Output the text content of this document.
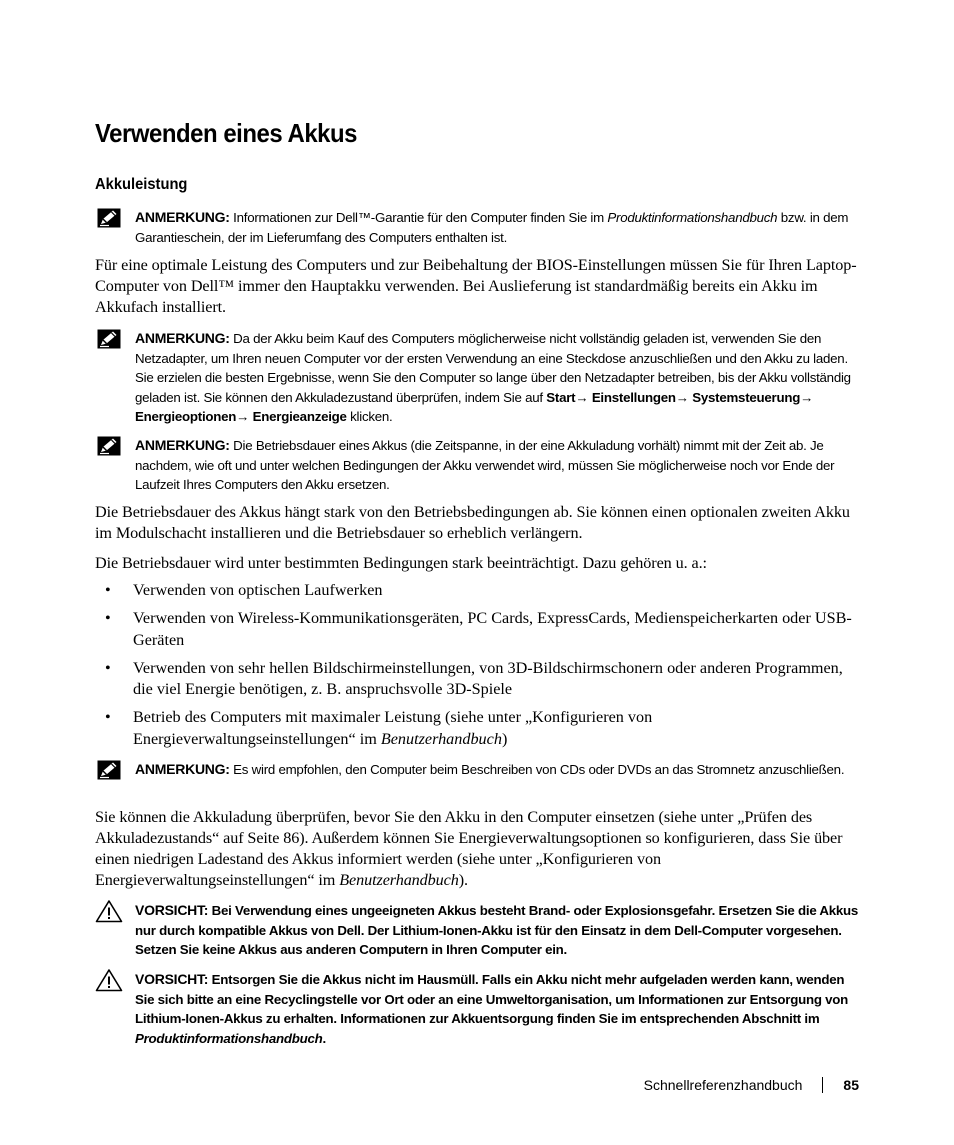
Verwenden eines Akkus
Akkuleistung
ANMERKUNG: Informationen zur Dell™-Garantie für den Computer finden Sie im Produktinformationshandbuch bzw. in dem Garantieschein, der im Lieferumfang des Computers enthalten ist.

Für eine optimale Leistung des Computers und zur Beibehaltung der BIOS-Einstellungen müssen Sie für Ihren Laptop-Computer von Dell™ immer den Hauptakku verwenden. Bei Auslieferung ist standardmäßig bereits ein Akku im Akkufach installiert.

ANMERKUNG: Da der Akku beim Kauf des Computers möglicherweise nicht vollständig geladen ist, verwenden Sie den Netzadapter, um Ihren neuen Computer vor der ersten Verwendung an eine Steckdose anzuschließen und den Akku zu laden. Sie erzielen die besten Ergebnisse, wenn Sie den Computer so lange über den Netzadapter betreiben, bis der Akku vollständig geladen ist. Sie können den Akkuladezustand überprüfen, indem Sie auf Start→ Einstellungen→ Systemsteuerung→ Energieoptionen→ Energieanzeige klicken.
ANMERKUNG: Die Betriebsdauer eines Akkus (die Zeitspanne, in der eine Akkuladung vorhält) nimmt mit der Zeit ab. Je nachdem, wie oft und unter welchen Bedingungen der Akku verwendet wird, müssen Sie möglicherweise noch vor Ende der Laufzeit Ihres Computers den Akku ersetzen.

Die Betriebsdauer des Akkus hängt stark von den Betriebsbedingungen ab. Sie können einen optionalen zweiten Akku im Modulschacht installieren und die Betriebsdauer so erheblich verlängern.

Die Betriebsdauer wird unter bestimmten Bedingungen stark beeinträchtigt. Dazu gehören u. a.:

• Verwenden von optischen Laufwerken
• Verwenden von Wireless-Kommunikationsgeräten, PC Cards, ExpressCards, Medienspeicherkarten oder USB-Geräten
• Verwenden von sehr hellen Bildschirmeinstellungen, von 3D-Bildschirmschonern oder anderen Programmen, die viel Energie benötigen, z. B. anspruchsvolle 3D-Spiele
• Betrieb des Computers mit maximaler Leistung (siehe unter „Konfigurieren von Energieverwaltungseinstellungen“ im Benutzerhandbuch)
ANMERKUNG: Es wird empfohlen, den Computer beim Beschreiben von CDs oder DVDs an das Stromnetz anzuschließen.

Sie können die Akkuladung überprüfen, bevor Sie den Akku in den Computer einsetzen (siehe unter „Prüfen des Akkuladezustands“ auf Seite 86). Außerdem können Sie Energieverwaltungsoptionen so konfigurieren, dass Sie über einen niedrigen Ladestand des Akkus informiert werden (siehe unter „Konfigurieren von Energieverwaltungseinstellungen“ im Benutzerhandbuch).

VORSICHT: Bei Verwendung eines ungeeigneten Akkus besteht Brand- oder Explosionsgefahr. Ersetzen Sie die Akkus nur durch kompatible Akkus von Dell. Der Lithium-Ionen-Akku ist für den Einsatz in dem Dell-Computer vorgesehen. Setzen Sie keine Akkus aus anderen Computern in Ihren Computer ein.
VORSICHT: Entsorgen Sie die Akkus nicht im Hausmüll. Falls ein Akku nicht mehr aufgeladen werden kann, wenden Sie sich bitte an eine Recyclingstelle vor Ort oder an eine Umweltorganisation, um Informationen zur Entsorgung von Lithium-Ionen-Akkus zu erhalten. Informationen zur Akkuentsorgung finden Sie im entsprechenden Abschnitt im Produktinformationshandbuch.
Schnellreferenzhandbuch	85
